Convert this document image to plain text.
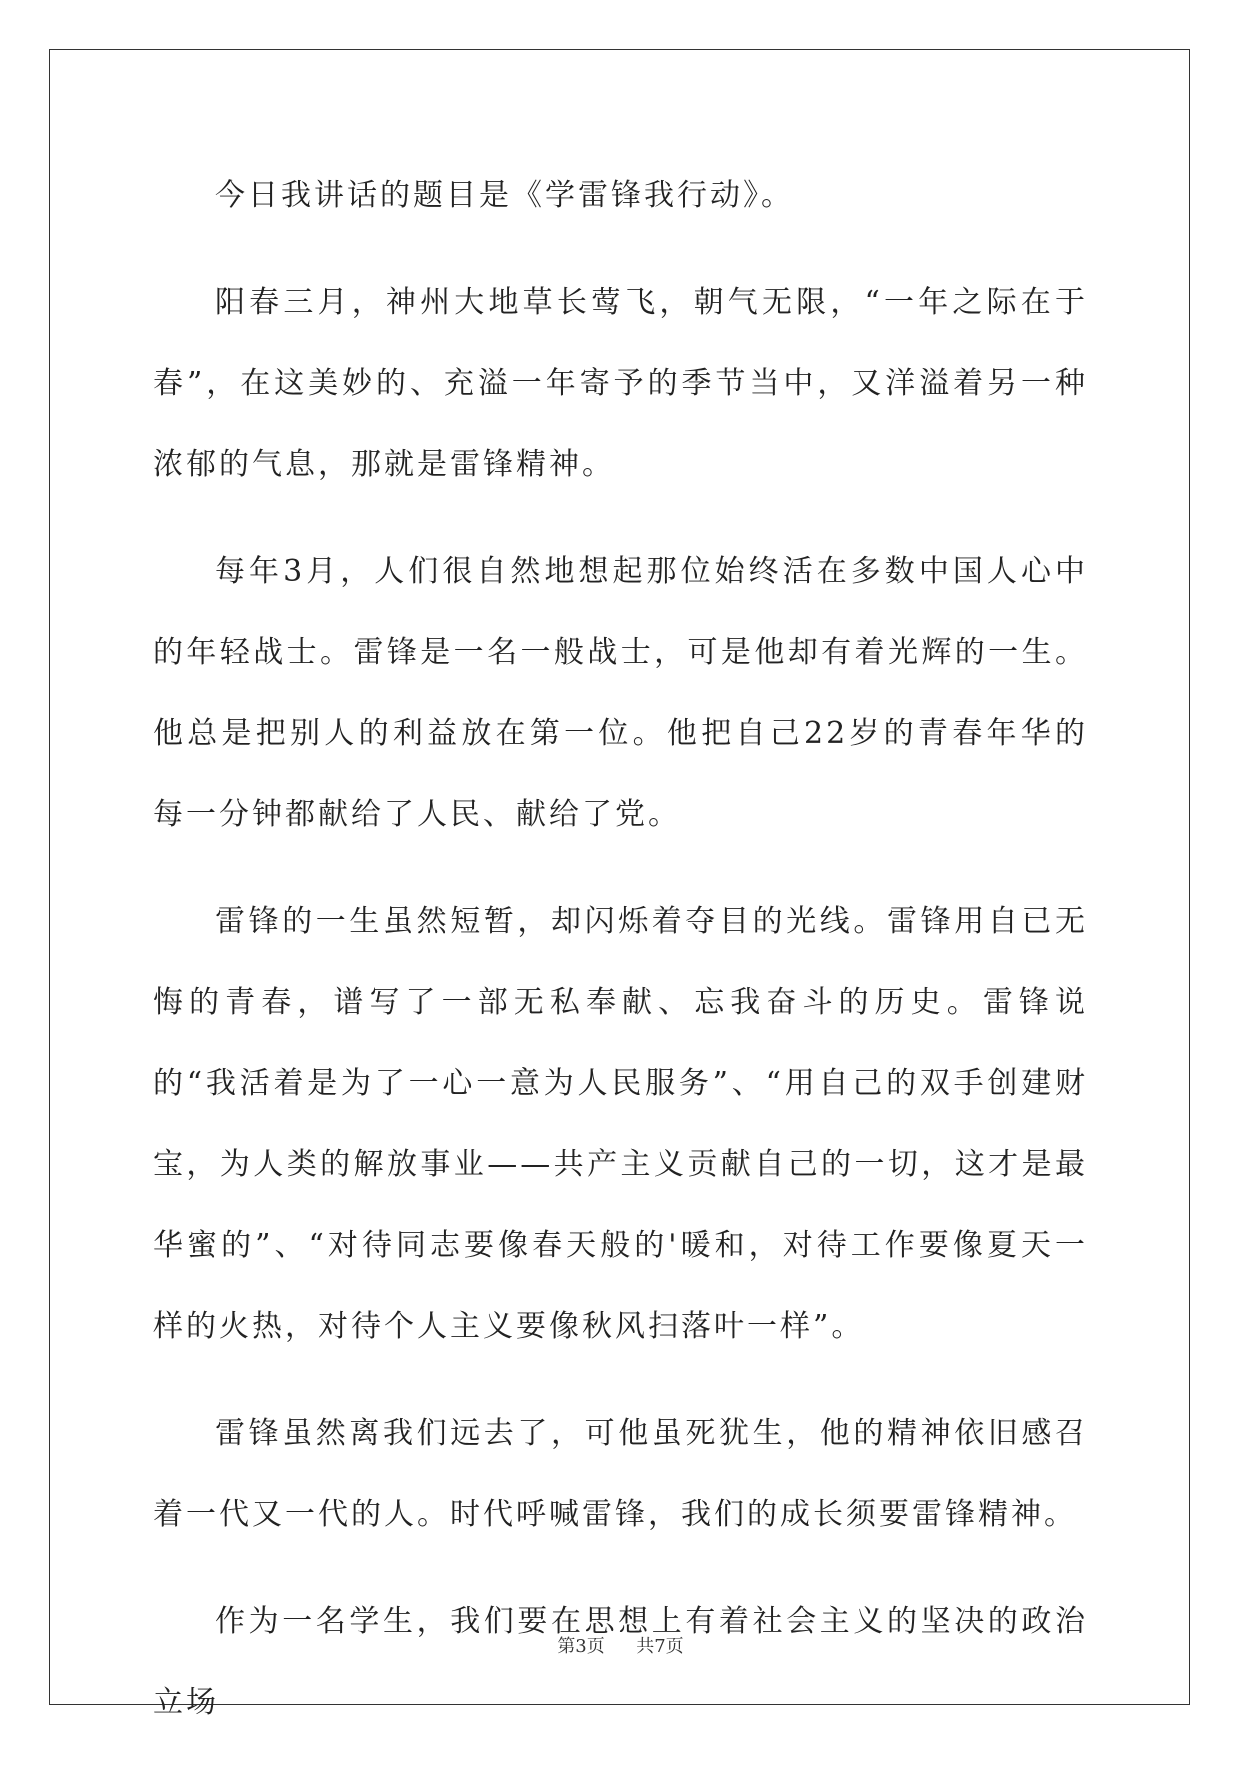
今日我讲话的题目是《学雷锋我行动》。

阳春三月，神州大地草长莺飞，朝气无限，“一年之际在于春”，在这美妙的、充溢一年寄予的季节当中，又洋溢着另一种浓郁的气息，那就是雷锋精神。

每年3月，人们很自然地想起那位始终活在多数中国人心中的年轻战士。雷锋是一名一般战士，可是他却有着光辉的一生。他总是把别人的利益放在第一位。他把自己22岁的青春年华的每一分钟都献给了人民、献给了党。

雷锋的一生虽然短暂，却闪烁着夺目的光线。雷锋用自已无悔的青春，谱写了一部无私奉献、忘我奋斗的历史。雷锋说的“我活着是为了一心一意为人民服务”、“用自己的双手创建财宝，为人类的解放事业——共产主义贡献自己的一切，这才是最华蜜的”、“对待同志要像春天般的'暖和，对待工作要像夏天一样的火热，对待个人主义要像秋风扫落叶一样”。

雷锋虽然离我们远去了，可他虽死犹生，他的精神依旧感召着一代又一代的人。时代呼喊雷锋，我们的成长须要雷锋精神。

作为一名学生，我们要在思想上有着社会主义的坚决的政治立场

第3页 共7页
